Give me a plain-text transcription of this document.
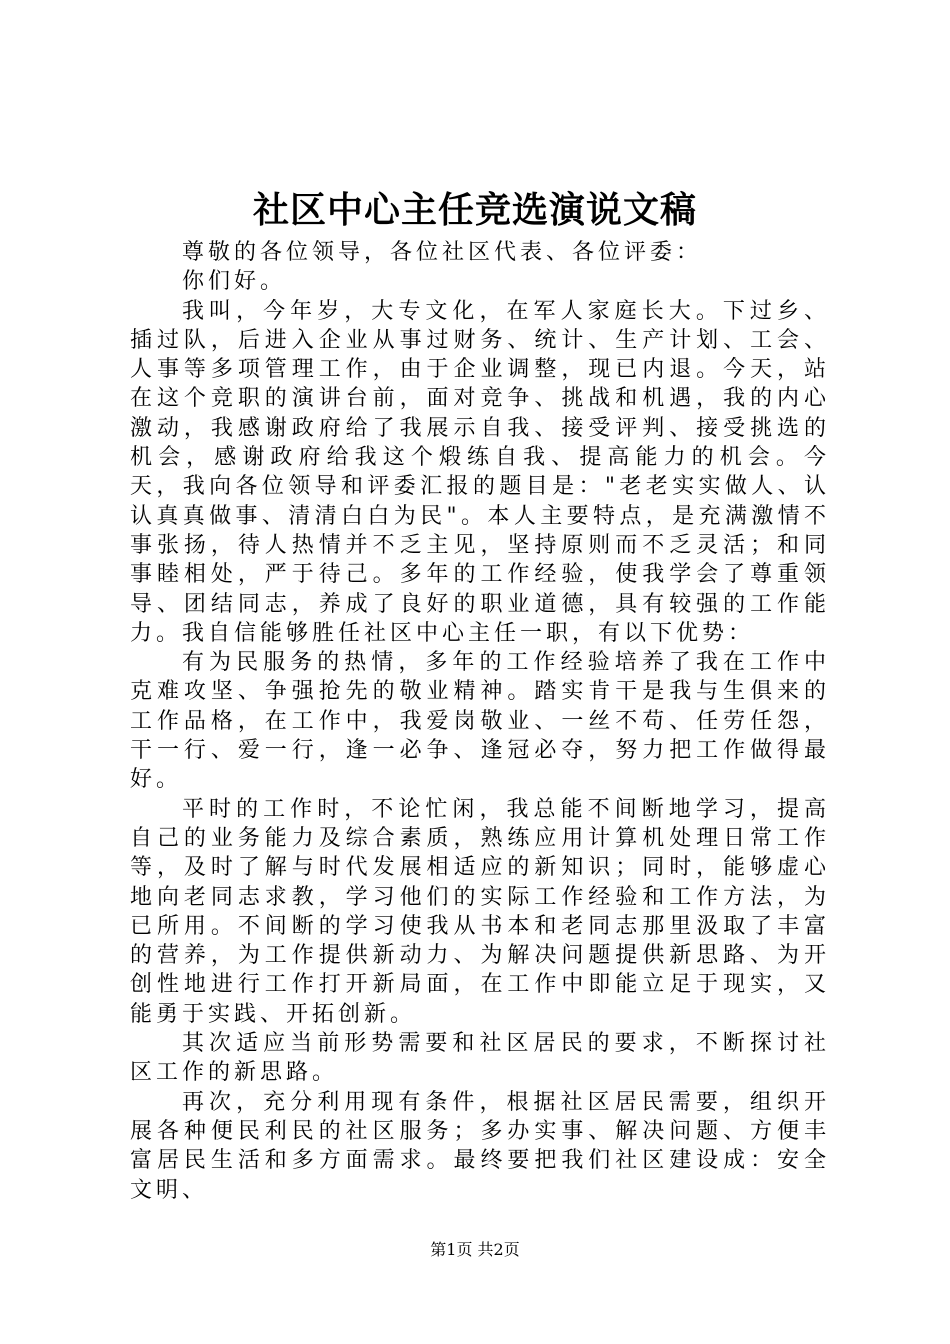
社区中心主任竞选演说文稿

尊敬的各位领导，各位社区代表、各位评委：

你们好。

我叫，今年岁，大专文化，在军人家庭长大。下过乡、插过队，后进入企业从事过财务、统计、生产计划、工会、人事等多项管理工作，由于企业调整，现已内退。今天，站在这个竞职的演讲台前，面对竞争、挑战和机遇，我的内心激动，我感谢政府给了我展示自我、接受评判、接受挑选的机会，感谢政府给我这个煅练自我、提高能力的机会。今天，我向各位领导和评委汇报的题目是："老老实实做人、认认真真做事、清清白白为民"。本人主要特点，是充满激情不事张扬，待人热情并不乏主见，坚持原则而不乏灵活；和同事睦相处，严于待己。多年的工作经验，使我学会了尊重领导、团结同志，养成了良好的职业道德，具有较强的工作能力。我自信能够胜任社区中心主任一职，有以下优势：

有为民服务的热情，多年的工作经验培养了我在工作中克难攻坚、争强抢先的敬业精神。踏实肯干是我与生俱来的工作品格，在工作中，我爱岗敬业、一丝不苟、任劳任怨，干一行、爱一行，逢一必争、逢冠必夺，努力把工作做得最好。

平时的工作时，不论忙闲，我总能不间断地学习，提高自己的业务能力及综合素质，熟练应用计算机处理日常工作等，及时了解与时代发展相适应的新知识；同时，能够虚心地向老同志求教，学习他们的实际工作经验和工作方法，为已所用。不间断的学习使我从书本和老同志那里汲取了丰富的营养，为工作提供新动力、为解决问题提供新思路、为开创性地进行工作打开新局面，在工作中即能立足于现实，又能勇于实践、开拓创新。

其次适应当前形势需要和社区居民的要求，不断探讨社区工作的新思路。

再次，充分利用现有条件，根据社区居民需要，组织开展各种便民利民的社区服务；多办实事、解决问题、方便丰富居民生活和多方面需求。最终要把我们社区建设成：安全文明、

第1页 共2页
